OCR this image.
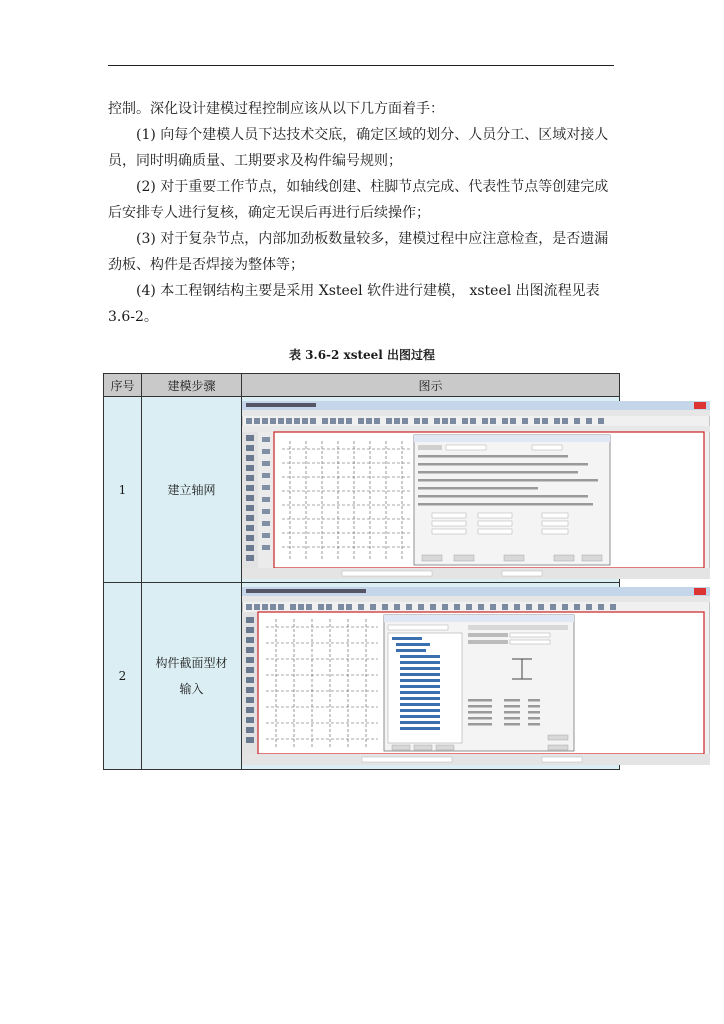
控制。深化设计建模过程控制应该从以下几方面着手：

(1) 向每个建模人员下达技术交底，确定区域的划分、人员分工、区域对接人员，同时明确质量、工期要求及构件编号规则；

(2) 对于重要工作节点，如轴线创建、柱脚节点完成、代表性节点等创建完成后安排专人进行复核，确定无误后再进行后续操作；

(3) 对于复杂节点，内部加劲板数量较多，建模过程中应注意检查，是否遗漏劲板、构件是否焊接为整体等；

(4) 本工程钢结构主要是采用 Xsteel 软件进行建模， xsteel 出图流程见表 3.6-2。

表 3.6-2 xsteel 出图过程

序号	建模步骤	图示
1	建立轴网	

2	构件截面型材
输入
